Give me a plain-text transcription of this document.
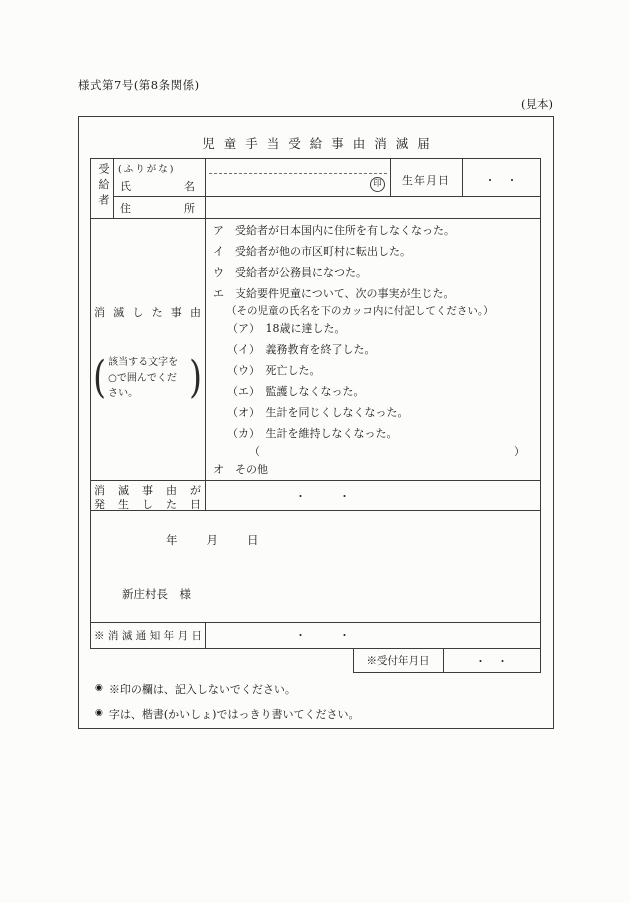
様式第7号(第8条関係)
(見本)
児童手当受給事由消滅届
受給者 (ふりがな)
氏名	印	生年月日	・　・
住所
消滅した事由
( 該当する文字を
○で囲んでくだ
さい。	)
ア　受給者が日本国内に住所を有しなくなった。
イ　受給者が他の市区町村に転出した。
ウ　受給者が公務員になつた。
エ　支給要件児童について、次の事実が生じた。
（その児童の氏名を下のカッコ内に付記してください。）
（ア）　18歳に達した。
（イ）　義務教育を終了した。
（ウ）　死亡した。
（エ）　監護しなくなった。
（オ）　生計を同じくしなくなった。
（カ）　生計を維持しなくなった。
（	）
オ　その他
消滅事由が
発生した日
・　　　・
年　　月　　日
新庄村長　様
※消滅通知年月日	・　　　・
※受付年月日	・　・
◉ ※印の欄は、記入しないでください。
◉ 字は、楷書(かいしょ)ではっきり書いてください。
